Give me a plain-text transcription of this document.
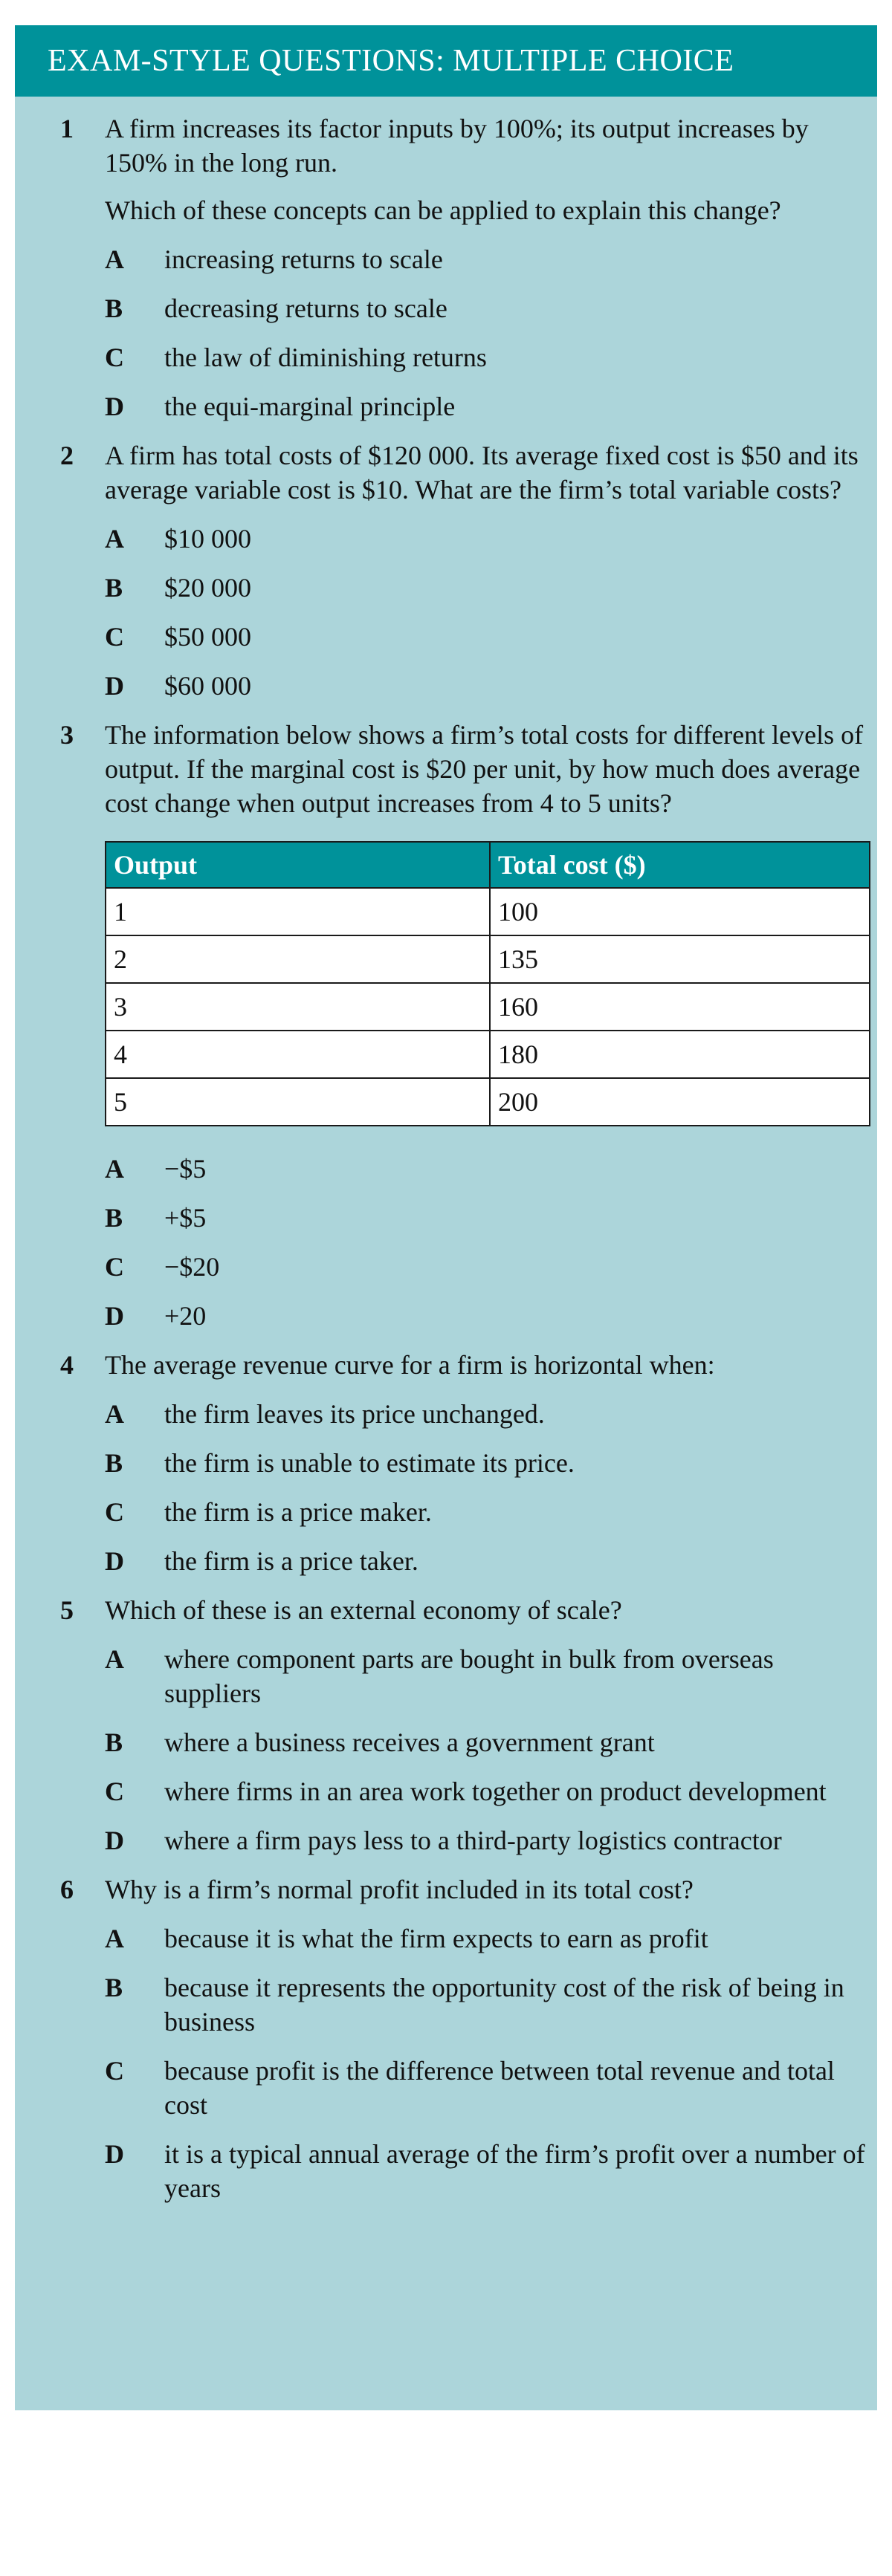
EXAM-STYLE QUESTIONS: MULTIPLE CHOICE
1 A firm increases its factor inputs by 100%; its output increases by 150% in the long run.

Which of these concepts can be applied to explain this change?

A increasing returns to scale
B decreasing returns to scale
C the law of diminishing returns
D the equi-marginal principle
2 A firm has total costs of $120 000. Its average fixed cost is $50 and its average variable cost is $10. What are the firm’s total variable costs?

A $10 000
B $20 000
C $50 000
D $60 000
3 The information below shows a firm’s total costs for different levels of output. If the marginal cost is $20 per unit, by how much does average cost change when output increases from 4 to 5 units?

Output	Total cost ($)
1	100
2	135
3	160
4	180
5	200
A −$5
B +$5
C −$20
D +20
4 The average revenue curve for a firm is horizontal when:

A the firm leaves its price unchanged.
B the firm is unable to estimate its price.
C the firm is a price maker.
D the firm is a price taker.
5 Which of these is an external economy of scale?

A where component parts are bought in bulk from overseas suppliers
B where a business receives a government grant
C where firms in an area work together on product development
D where a firm pays less to a third-party logistics contractor
6 Why is a firm’s normal profit included in its total cost?

A because it is what the firm expects to earn as profit
B because it represents the opportunity cost of the risk of being in business
C because profit is the difference between total revenue and total cost
D it is a typical annual average of the firm’s profit over a number of years
